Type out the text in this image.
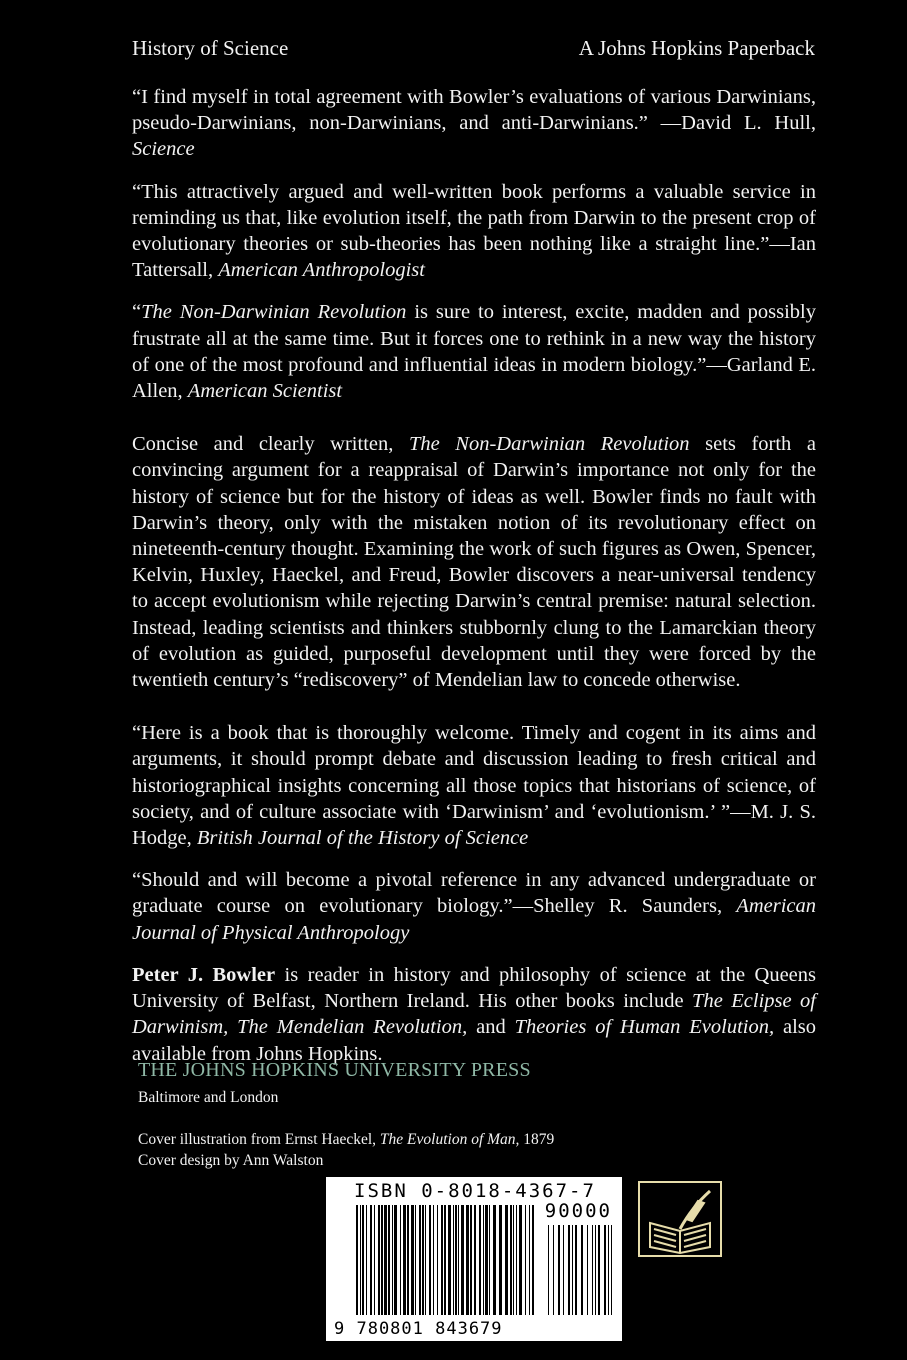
History of Science	A Johns Hopkins Paperback

“I find myself in total agreement with Bowler’s evaluations of various Darwinians, pseudo-Darwinians, non-Darwinians, and anti-Darwinians.” —David L. Hull, Science

“This attractively argued and well-written book performs a valuable service in reminding us that, like evolution itself, the path from Darwin to the present crop of evolutionary theories or sub-theories has been nothing like a straight line.”—Ian Tattersall, American Anthropologist

“The Non-Darwinian Revolution is sure to interest, excite, madden and possibly frustrate all at the same time. But it forces one to rethink in a new way the history of one of the most profound and influential ideas in modern biology.”—Garland E. Allen, American Scientist

Concise and clearly written, The Non-Darwinian Revolution sets forth a convincing argument for a reappraisal of Darwin’s importance not only for the history of science but for the history of ideas as well. Bowler finds no fault with Darwin’s theory, only with the mistaken notion of its revolutionary effect on nineteenth-century thought. Examining the work of such figures as Owen, Spencer, Kelvin, Huxley, Haeckel, and Freud, Bowler discovers a near-universal tendency to accept evolutionism while rejecting Darwin’s central premise: natural selection. Instead, leading scientists and thinkers stubbornly clung to the Lamarckian theory of evolution as guided, purposeful development until they were forced by the twentieth century’s “rediscovery” of Mendelian law to concede otherwise.

“Here is a book that is thoroughly welcome. Timely and cogent in its aims and arguments, it should prompt debate and discussion leading to fresh critical and historiographical insights concerning all those topics that historians of science, of society, and of culture associate with ‘Darwinism’ and ‘evolutionism.’ ”—M. J. S. Hodge, British Journal of the History of Science

“Should and will become a pivotal reference in any advanced undergraduate or graduate course on evolutionary biology.”—Shelley R. Saunders, American Journal of Physical Anthropology

Peter J. Bowler is reader in history and philosophy of science at the Queens University of Belfast, Northern Ireland. His other books include The Eclipse of Darwinism, The Mendelian Revolution, and Theories of Human Evolution, also available from Johns Hopkins.

THE JOHNS HOPKINS UNIVERSITY PRESS
Baltimore and London
Cover illustration from Ernst Haeckel, The Evolution of Man, 1879
Cover design by Ann Walston
ISBN 0-8018-4367-7
90000
9 780801 843679
